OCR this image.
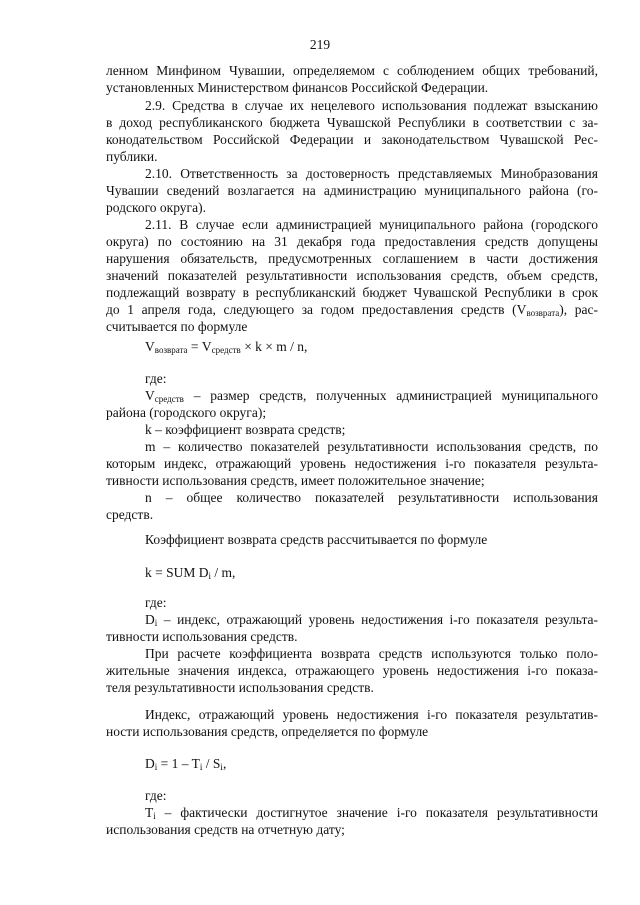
219
ленном Минфином Чувашии, определяемом с соблюдением общих требований,
установленных Министерством финансов Российской Федерации.
2.9. Средства в случае их нецелевого использования подлежат взысканию
в доход республиканского бюджета Чувашской Республики в соответствии с за-
конодательством Российской Федерации и законодательством Чувашской Рес-
публики.
2.10. Ответственность за достоверность представляемых Минобразования
Чувашии сведений возлагается на администрацию муниципального района (го-
родского округа).
2.11. В случае если администрацией муниципального района (городского
округа) по состоянию на 31 декабря года предоставления средств допущены
нарушения обязательств, предусмотренных соглашением в части достижения
значений показателей результативности использования средств, объем средств,
подлежащий возврату в республиканский бюджет Чувашской Республики в срок
до 1 апреля года, следующего за годом предоставления средств $(V_{возврата})$, рас-
считывается по формуле
$V_{возврата} = V_{средств} \times k \times m / n$,
где:
$V_{средств}$ – размер средств, полученных администрацией муниципального
района (городского округа);
k – коэффициент возврата средств;
m – количество показателей результативности использования средств, по
которым индекс, отражающий уровень недостижения i-го показателя результа-
тивности использования средств, имеет положительное значение;
n – общее количество показателей результативности использования
средств.
Коэффициент возврата средств рассчитывается по формуле
k = SUM $D_i$ / m,
где:
$D_i$ – индекс, отражающий уровень недостижения i-го показателя результа-
тивности использования средств.
При расчете коэффициента возврата средств используются только поло-
жительные значения индекса, отражающего уровень недостижения i-го показа-
теля результативности использования средств.
Индекс, отражающий уровень недостижения i-го показателя результатив-
ности использования средств, определяется по формуле
$D_i = 1 - T_i / S_i$,
где:
$T_i$ – фактически достигнутое значение i-го показателя результативности
использования средств на отчетную дату;
